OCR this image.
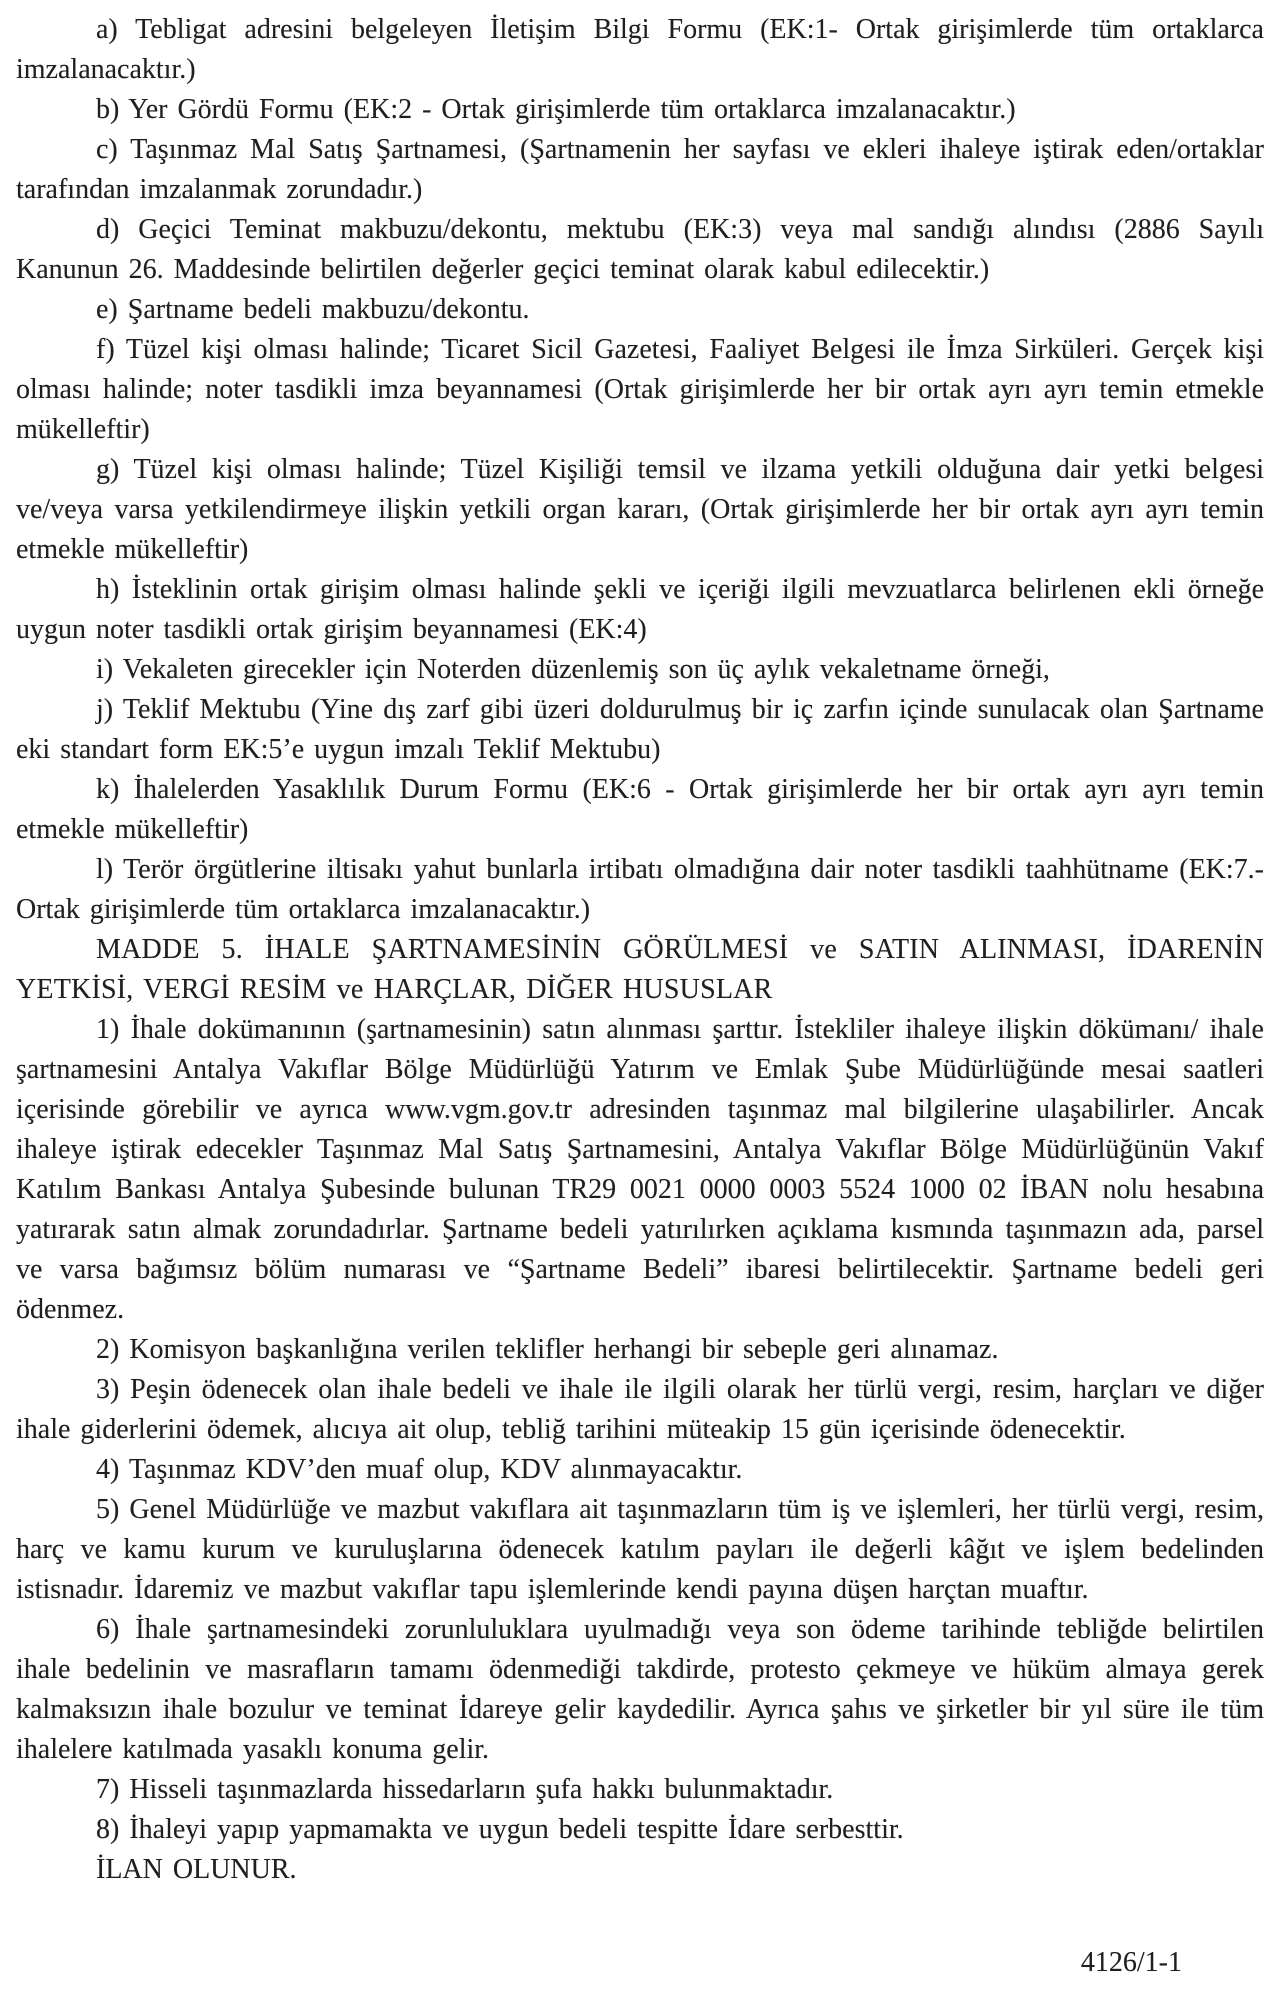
a) Tebligat adresini belgeleyen İletişim Bilgi Formu (EK:1- Ortak girişimlerde tüm ortaklarca imzalanacaktır.)

b) Yer Gördü Formu (EK:2 - Ortak girişimlerde tüm ortaklarca imzalanacaktır.)

c) Taşınmaz Mal Satış Şartnamesi, (Şartnamenin her sayfası ve ekleri ihaleye iştirak eden/ortaklar tarafından imzalanmak zorundadır.)

d) Geçici Teminat makbuzu/dekontu, mektubu (EK:3) veya mal sandığı alındısı (2886 Sayılı Kanunun 26. Maddesinde belirtilen değerler geçici teminat olarak kabul edilecektir.)

e) Şartname bedeli makbuzu/dekontu.

f) Tüzel kişi olması halinde; Ticaret Sicil Gazetesi, Faaliyet Belgesi ile İmza Sirküleri. Gerçek kişi olması halinde; noter tasdikli imza beyannamesi (Ortak girişimlerde her bir ortak ayrı ayrı temin etmekle mükelleftir)

g) Tüzel kişi olması halinde; Tüzel Kişiliği temsil ve ilzama yetkili olduğuna dair yetki belgesi ve/veya varsa yetkilendirmeye ilişkin yetkili organ kararı, (Ortak girişimlerde her bir ortak ayrı ayrı temin etmekle mükelleftir)

h) İsteklinin ortak girişim olması halinde şekli ve içeriği ilgili mevzuatlarca belirlenen ekli örneğe uygun noter tasdikli ortak girişim beyannamesi (EK:4)

i) Vekaleten girecekler için Noterden düzenlemiş son üç aylık vekaletname örneği,

j) Teklif Mektubu (Yine dış zarf gibi üzeri doldurulmuş bir iç zarfın içinde sunulacak olan Şartname eki standart form EK:5’e uygun imzalı Teklif Mektubu)

k) İhalelerden Yasaklılık Durum Formu (EK:6 - Ortak girişimlerde her bir ortak ayrı ayrı temin etmekle mükelleftir)

l) Terör örgütlerine iltisakı yahut bunlarla irtibatı olmadığına dair noter tasdikli taahhütname (EK:7.- Ortak girişimlerde tüm ortaklarca imzalanacaktır.)

MADDE 5. İHALE ŞARTNAMESİNİN GÖRÜLMESİ ve SATIN ALINMASI, İDARENİN YETKİSİ, VERGİ RESİM ve HARÇLAR, DİĞER HUSUSLAR

1) İhale dokümanının (şartnamesinin) satın alınması şarttır. İstekliler ihaleye ilişkin dökümanı/ ihale şartnamesini Antalya Vakıflar Bölge Müdürlüğü Yatırım ve Emlak Şube Müdürlüğünde mesai saatleri içerisinde görebilir ve ayrıca www.vgm.gov.tr adresinden taşınmaz mal bilgilerine ulaşabilirler. Ancak ihaleye iştirak edecekler Taşınmaz Mal Satış Şartnamesini, Antalya Vakıflar Bölge Müdürlüğünün Vakıf Katılım Bankası Antalya Şubesinde bulunan TR29 0021 0000 0003 5524 1000 02 İBAN nolu hesabına yatırarak satın almak zorundadırlar. Şartname bedeli yatırılırken açıklama kısmında taşınmazın ada, parsel ve varsa bağımsız bölüm numarası ve “Şartname Bedeli” ibaresi belirtilecektir. Şartname bedeli geri ödenmez.

2) Komisyon başkanlığına verilen teklifler herhangi bir sebeple geri alınamaz.

3) Peşin ödenecek olan ihale bedeli ve ihale ile ilgili olarak her türlü vergi, resim, harçları ve diğer ihale giderlerini ödemek, alıcıya ait olup, tebliğ tarihini müteakip 15 gün içerisinde ödenecektir.

4) Taşınmaz KDV’den muaf olup, KDV alınmayacaktır.

5) Genel Müdürlüğe ve mazbut vakıflara ait taşınmazların tüm iş ve işlemleri, her türlü vergi, resim, harç ve kamu kurum ve kuruluşlarına ödenecek katılım payları ile değerli kâğıt ve işlem bedelinden istisnadır. İdaremiz ve mazbut vakıflar tapu işlemlerinde kendi payına düşen harçtan muaftır.

6) İhale şartnamesindeki zorunluluklara uyulmadığı veya son ödeme tarihinde tebliğde belirtilen ihale bedelinin ve masrafların tamamı ödenmediği takdirde, protesto çekmeye ve hüküm almaya gerek kalmaksızın ihale bozulur ve teminat İdareye gelir kaydedilir. Ayrıca şahıs ve şirketler bir yıl süre ile tüm ihalelere katılmada yasaklı konuma gelir.

7) Hisseli taşınmazlarda hissedarların şufa hakkı bulunmaktadır.

8) İhaleyi yapıp yapmamakta ve uygun bedeli tespitte İdare serbesttir.

İLAN OLUNUR.

4126/1-1
